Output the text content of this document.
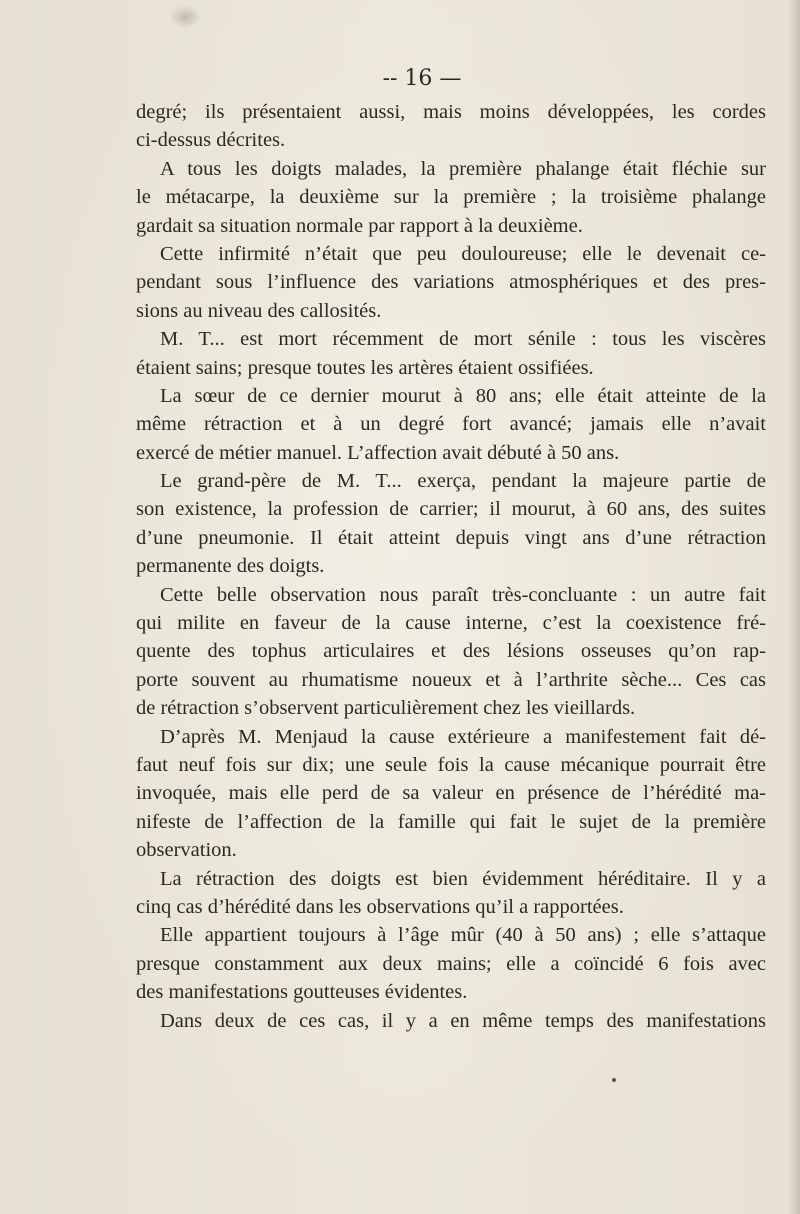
-- 16 —
degré; ils présentaient aussi, mais moins développées, les cordes
ci-dessus décrites.
A tous les doigts malades, la première phalange était fléchie sur
le métacarpe, la deuxième sur la première ; la troisième phalange
gardait sa situation normale par rapport à la deuxième.
Cette infirmité n’était que peu douloureuse; elle le devenait ce-
pendant sous l’influence des variations atmosphériques et des pres-
sions au niveau des callosités.
M. T... est mort récemment de mort sénile : tous les viscères
étaient sains; presque toutes les artères étaient ossifiées.
La sœur de ce dernier mourut à 80 ans; elle était atteinte de la
même rétraction et à un degré fort avancé; jamais elle n’avait
exercé de métier manuel. L’affection avait débuté à 50 ans.
Le grand-père de M. T... exerça, pendant la majeure partie de
son existence, la profession de carrier; il mourut, à 60 ans, des suites
d’une pneumonie. Il était atteint depuis vingt ans d’une rétraction
permanente des doigts.
Cette belle observation nous paraît très-concluante : un autre fait
qui milite en faveur de la cause interne, c’est la coexistence fré-
quente des tophus articulaires et des lésions osseuses qu’on rap-
porte souvent au rhumatisme noueux et à l’arthrite sèche... Ces cas
de rétraction s’observent particulièrement chez les vieillards.
D’après M. Menjaud la cause extérieure a manifestement fait dé-
faut neuf fois sur dix; une seule fois la cause mécanique pourrait être
invoquée, mais elle perd de sa valeur en présence de l’hérédité ma-
nifeste de l’affection de la famille qui fait le sujet de la première
observation.
La rétraction des doigts est bien évidemment héréditaire. Il y a
cinq cas d’hérédité dans les observations qu’il a rapportées.
Elle appartient toujours à l’âge mûr (40 à 50 ans) ; elle s’attaque
presque constamment aux deux mains; elle a coïncidé 6 fois avec
des manifestations goutteuses évidentes.
Dans deux de ces cas, il y a en même temps des manifestations
